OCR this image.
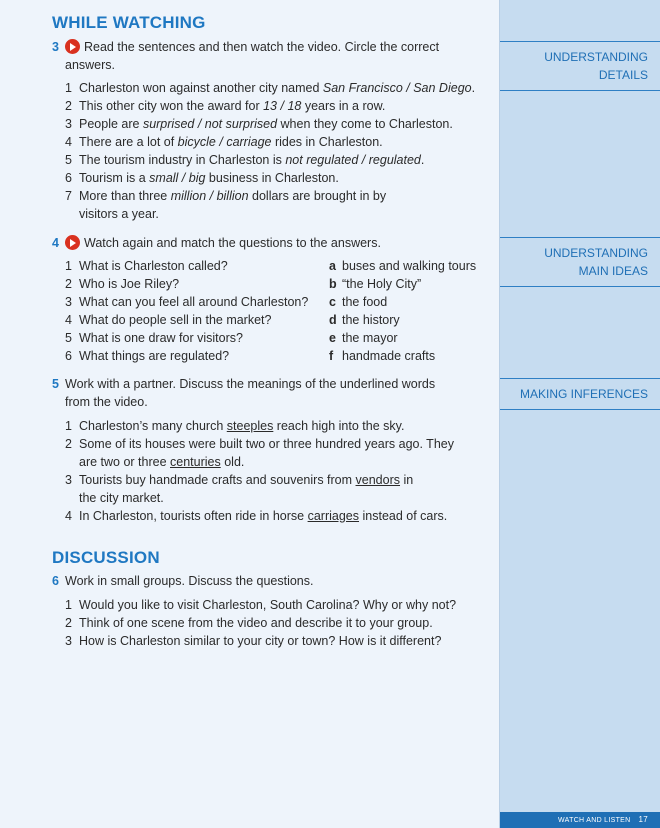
WHILE WATCHING
3	Read the sentences and then watch the video. Circle the correct answers.
1 Charleston won against another city named San Francisco / San Diego.
2 This other city won the award for 13 / 18 years in a row.
3 People are surprised / not surprised when they come to Charleston.
4 There are a lot of bicycle / carriage rides in Charleston.
5 The tourism industry in Charleston is not regulated / regulated.
6 Tourism is a small / big business in Charleston.
7 More than three million / billion dollars are brought in by
visitors a year.
4	Watch again and match the questions to the answers.
1 What is Charleston called?	a buses and walking tours
2 Who is Joe Riley?	b “the Holy City”
3 What can you feel all around Charleston? c the food
4 What do people sell in the market?	d the history
5 What is one draw for visitors?	e the mayor
6 What things are regulated?	f handmade crafts
5 Work with a partner. Discuss the meanings of the underlined words
from the video.
1 Charleston’s many church steeples reach high into the sky.
2 Some of its houses were built two or three hundred years ago. They
are two or three centuries old.
3 Tourists buy handmade crafts and souvenirs from vendors in
the city market.
4 In Charleston, tourists often ride in horse carriages instead of cars.
DISCUSSION
6 Work in small groups. Discuss the questions.
1 Would you like to visit Charleston, South Carolina? Why or why not?
2 Think of one scene from the video and describe it to your group.
3 How is Charleston similar to your city or town? How is it different?
UNDERSTANDING
DETAILS
UNDERSTANDING
MAIN IDEAS
MAKING INFERENCES
WATCH AND LISTEN 17
